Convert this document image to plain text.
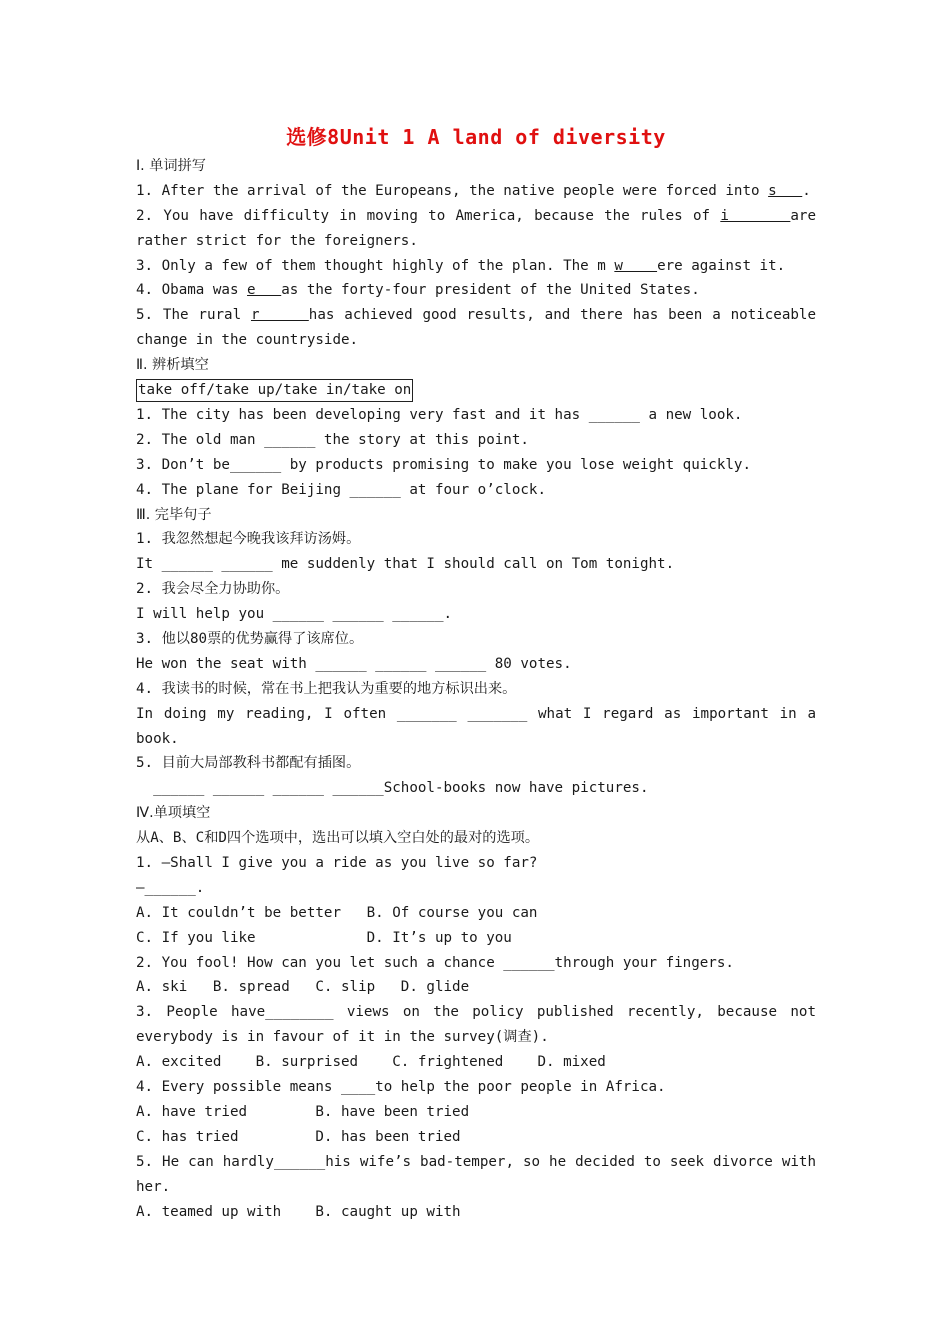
选修8Unit 1 A land of diversity
Ⅰ. 单词拼写
1. After the arrival of the Europeans, the native people were forced into s   .
2. You have difficulty in moving to America, because the rules of i      are rather strict for the foreigners.
3. Only a few of them thought highly of the plan. The m w    ere against it.
4. Obama was e   as the forty-four president of the United States.
5. The rural r     has achieved good results, and there has been a noticeable change in the countryside.
Ⅱ. 辨析填空
take off/take up/take in/take on
1. The city has been developing very fast and it has ______ a new look.
2. The old man ______ the story at this point.
3. Don’t be______ by products promising to make you lose weight quickly.
4. The plane for Beijing ______ at four o’clock.
Ⅲ. 完毕句子
1. 我忽然想起今晚我该拜访汤姆。
It ______ ______ me suddenly that I should call on Tom tonight.
2. 我会尽全力协助你。
I will help you ______ ______ ______.
3. 他以80票的优势赢得了该席位。
He won the seat with ______ ______ ______ 80 votes.
4. 我读书的时候，常在书上把我认为重要的地方标识出来。
In doing my reading, I often _______ _______ what I regard as important in a book.
5. 目前大局部教科书都配有插图。
______ ______ ______ ______School-books now have pictures.
Ⅳ.单项填空
从A、B、C和D四个选项中，选出可以填入空白处的最对的选项。
1. —Shall I give you a ride as you live so far?
—______.
A. It couldn’t be better   B. Of course you can
C. If you like             D. It’s up to you
2. You fool! How can you let such a chance ______through your fingers.
A. ski   B. spread   C. slip   D. glide
3. People have________ views on the policy published recently, because not everybody is in favour of it in the survey(调查).
A. excited    B. surprised    C. frightened    D. mixed
4. Every possible means ____to help the poor people in Africa.
A. have tried        B. have been tried
C. has tried         D. has been tried
5. He can hardly______his wife’s bad-temper, so he decided to seek divorce with her.
A. teamed up with    B. caught up with
